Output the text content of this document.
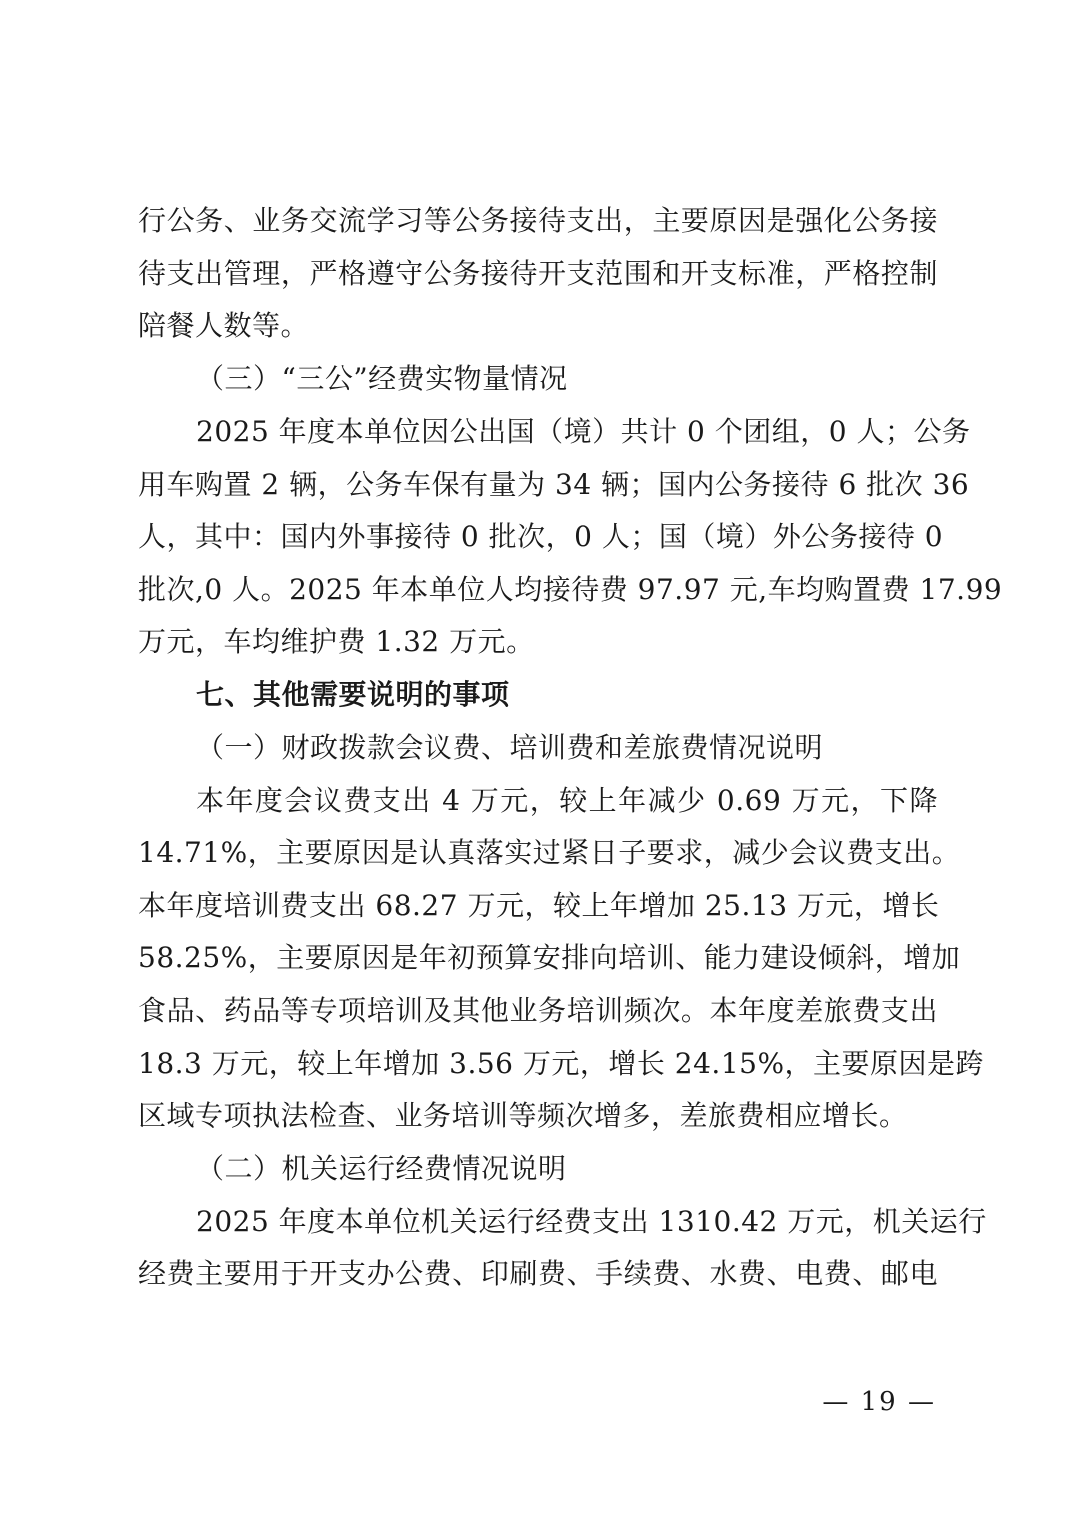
行公务、业务交流学习等公务接待支出，主要原因是强化公务接
待支出管理，严格遵守公务接待开支范围和开支标准，严格控制
陪餐人数等。
（三）“三公”经费实物量情况
2025 年度本单位因公出国（境）共计 0 个团组，0 人；公务
用车购置 2 辆，公务车保有量为 34 辆；国内公务接待 6 批次 36
人，其中：国内外事接待 0 批次，0 人；国（境）外公务接待 0
批次,0 人。2025 年本单位人均接待费 97.97 元,车均购置费 17.99
万元，车均维护费 1.32 万元。
七、其他需要说明的事项
（一）财政拨款会议费、培训费和差旅费情况说明
本年度会议费支出 4 万元，较上年减少 0.69 万元，下降
14.71%，主要原因是认真落实过紧日子要求，减少会议费支出。
本年度培训费支出 68.27 万元，较上年增加 25.13 万元，增长
58.25%，主要原因是年初预算安排向培训、能力建设倾斜，增加
食品、药品等专项培训及其他业务培训频次。本年度差旅费支出
18.3 万元，较上年增加 3.56 万元，增长 24.15%，主要原因是跨
区域专项执法检查、业务培训等频次增多，差旅费相应增长。
（二）机关运行经费情况说明
2025 年度本单位机关运行经费支出 1310.42 万元，机关运行
经费主要用于开支办公费、印刷费、手续费、水费、电费、邮电
— 19 —
